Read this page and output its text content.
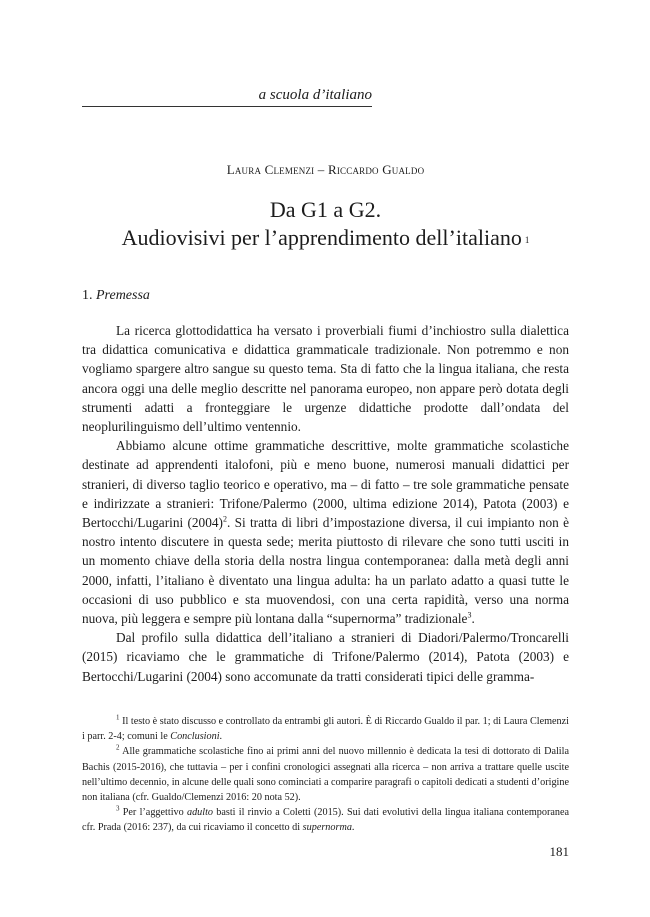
a scuola d’italiano
Laura Clemenzi – Riccardo Gualdo
Da G1 a G2.
Audiovisivi per l’apprendimento dell’italiano $^1$
1. Premessa

La ricerca glottodidattica ha versato i proverbiali fiumi d’inchiostro sulla dialettica tra didattica comunicativa e didattica grammaticale tradizionale. Non potremmo e non vogliamo spargere altro sangue su questo tema. Sta di fatto che la lingua italiana, che resta ancora oggi una delle meglio descritte nel panorama europeo, non appare però dotata degli strumenti adatti a fronteggiare le urgenze didattiche prodotte dall’ondata del neoplurilinguismo dell’ultimo ventennio.

Abbiamo alcune ottime grammatiche descrittive, molte grammatiche scolastiche destinate ad apprendenti italofoni, più e meno buone, numerosi manuali didattici per stranieri, di diverso taglio teorico e operativo, ma – di fatto – tre sole grammatiche pensate e indirizzate a stranieri: Trifone/Palermo (2000, ultima edizione 2014), Patota (2003) e Bertocchi/Lugarini $(2004)^2$. Si tratta di libri d’impostazione diversa, il cui impianto non è nostro intento discutere in questa sede; merita piuttosto di rilevare che sono tutti usciti in un momento chiave della storia della nostra lingua contemporanea: dalla metà degli anni 2000, infatti, l’italiano è diventato una lingua adulta: ha un parlato adatto a quasi tutte le occasioni di uso pubblico e sta muovendosi, con una certa rapidità, verso una norma nuova, più leggera e sempre più lontana dalla “supernorma” tradizionale$^3$.

Dal profilo sulla didattica dell’italiano a stranieri di Diadori/Palermo/Troncarelli (2015) ricaviamo che le grammatiche di Trifone/Palermo (2014), Patota (2003) e Bertocchi/Lugarini (2004) sono accomunate da tratti considerati tipici delle gramma-

$^1$ Il testo è stato discusso e controllato da entrambi gli autori. È di Riccardo Gualdo il par. 1; di Laura Clemenzi i parr. 2-4; comuni le Conclusioni.

$^2$ Alle grammatiche scolastiche fino ai primi anni del nuovo millennio è dedicata la tesi di dottorato di Dalila Bachis (2015-2016), che tuttavia – per i confini cronologici assegnati alla ricerca – non arriva a trattare quelle uscite nell’ultimo decennio, in alcune delle quali sono cominciati a comparire paragrafi o capitoli dedicati a studenti d’origine non italiana (cfr. Gualdo/Clemenzi 2016: 20 nota 52).

$^3$ Per l’aggettivo adulto basti il rinvio a Coletti (2015). Sui dati evolutivi della lingua italiana contemporanea cfr. Prada (2016: 237), da cui ricaviamo il concetto di supernorma.

181
